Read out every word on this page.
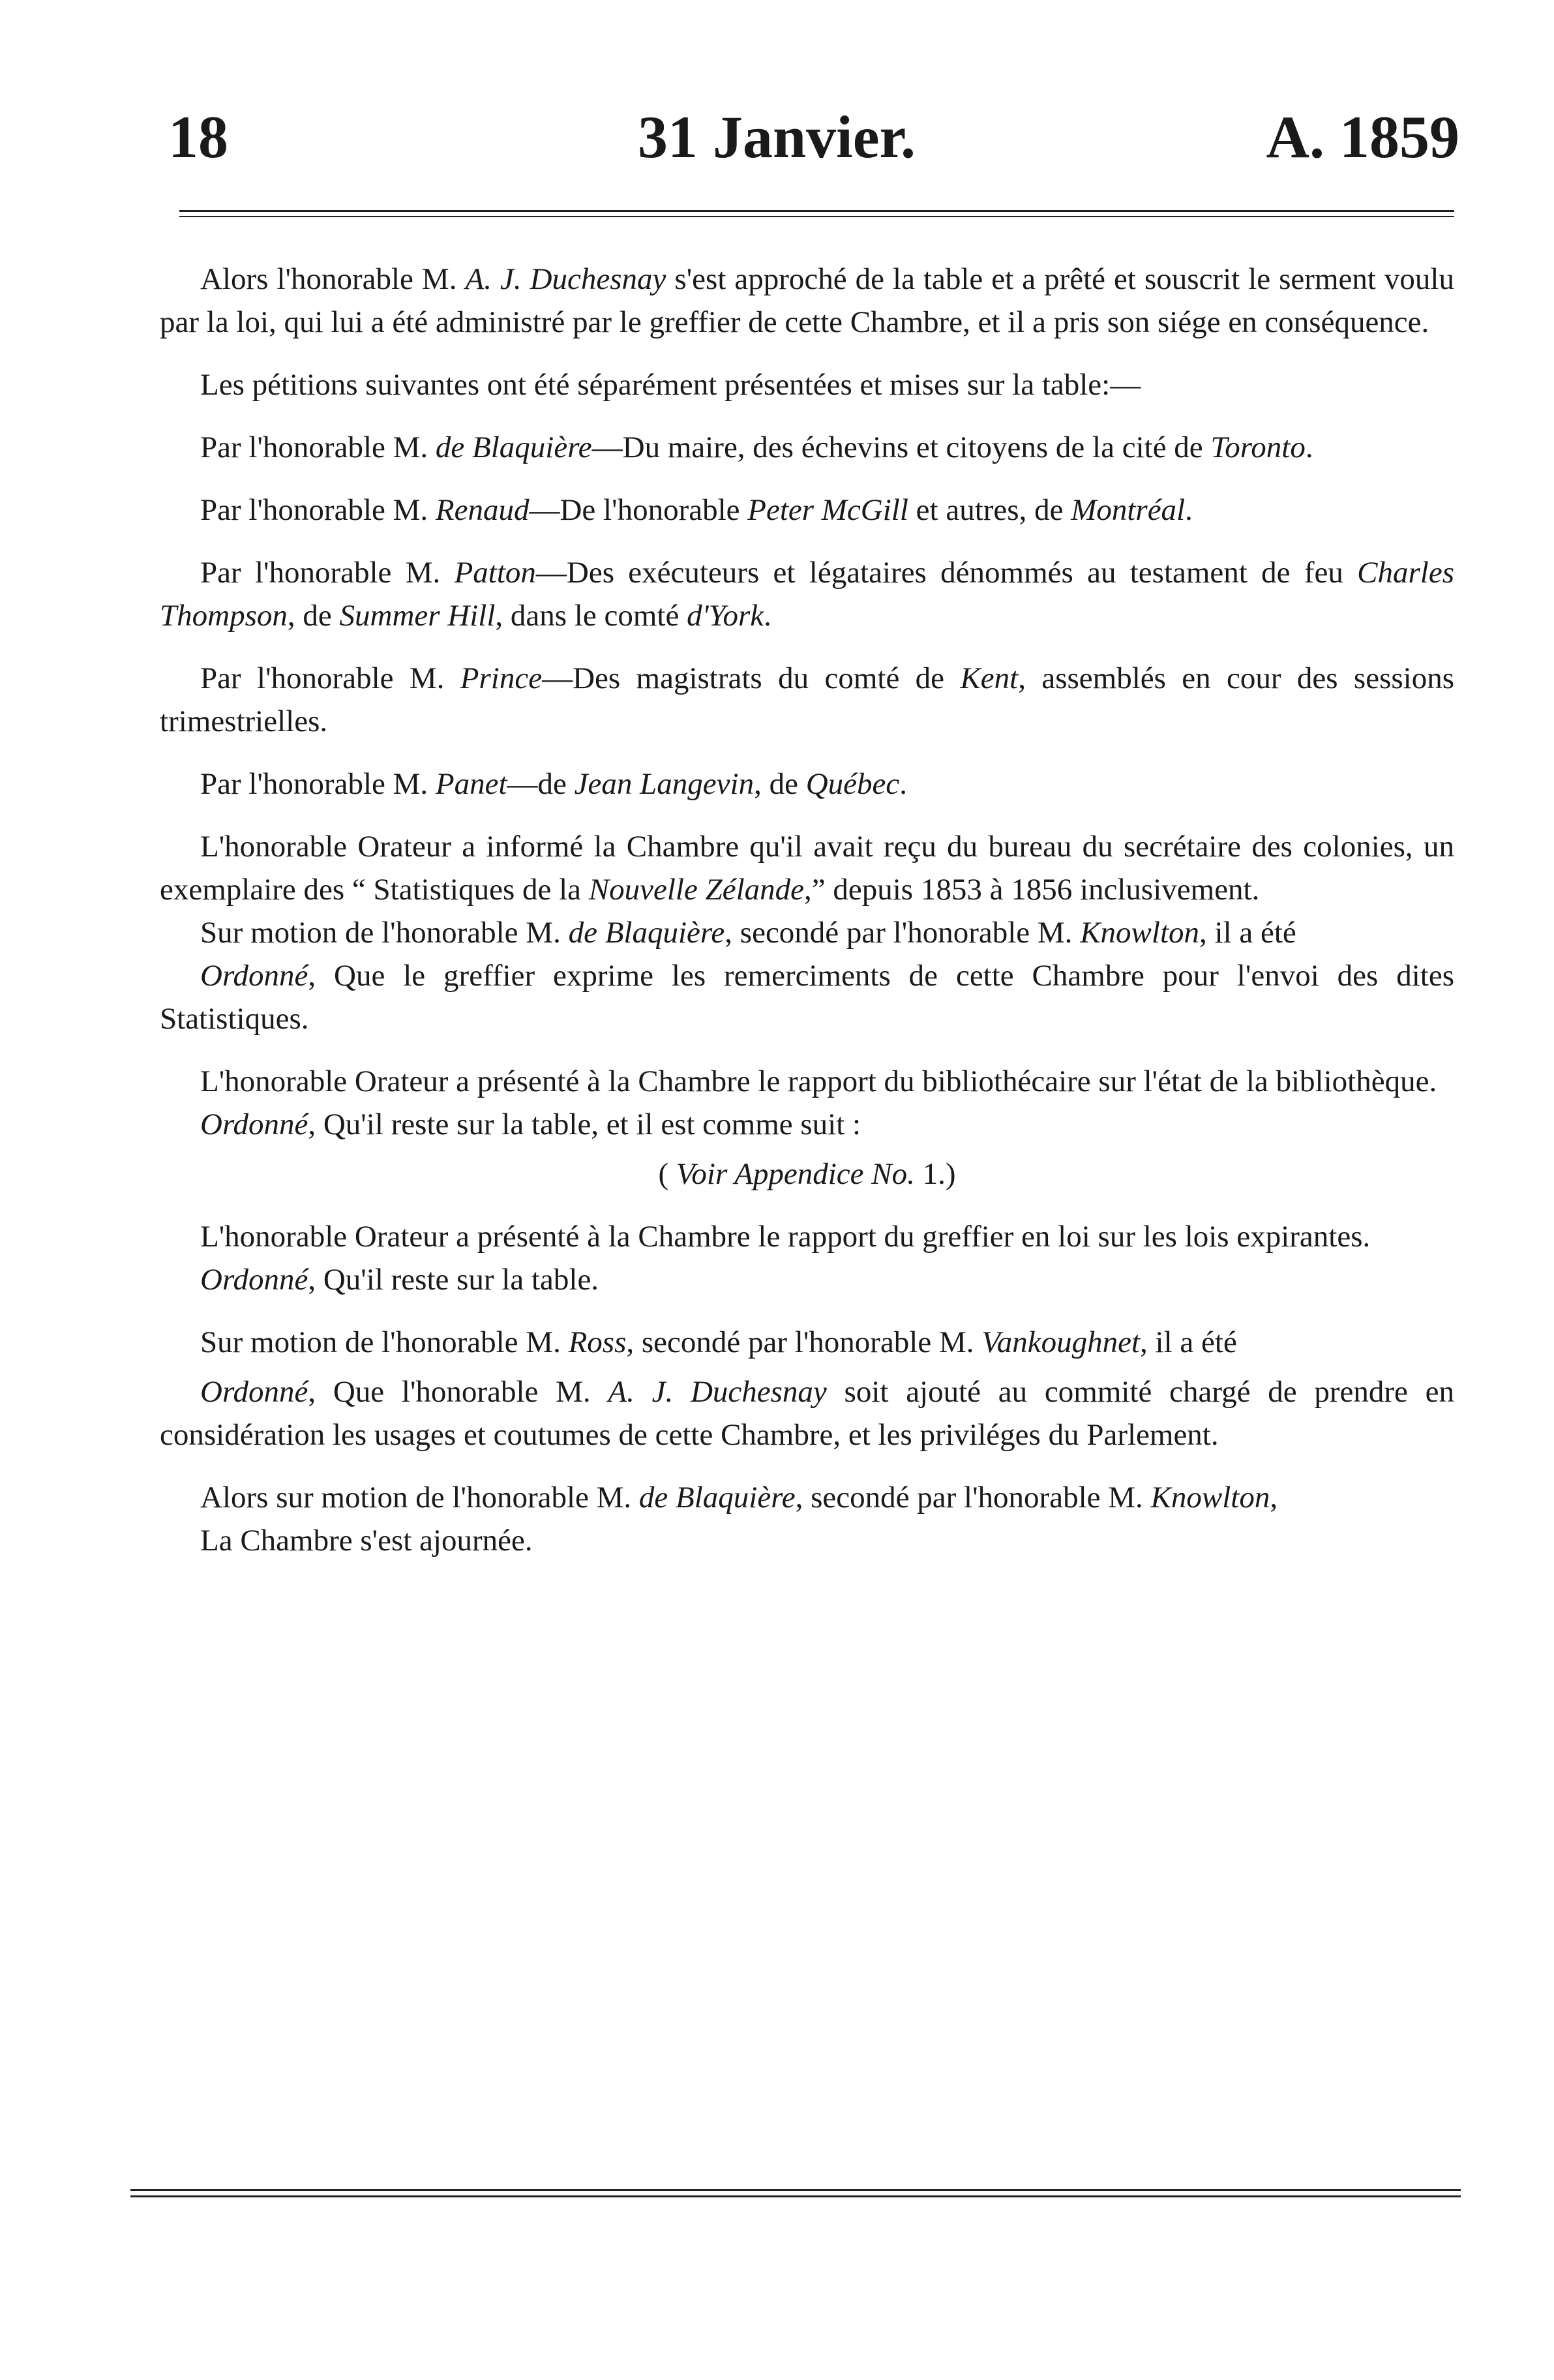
18	31 Janvier.	A. 1859

Alors l'honorable M. A. J. Duchesnay s'est approché de la table et a prêté et souscrit le serment voulu par la loi, qui lui a été administré par le greffier de cette Chambre, et il a pris son siége en conséquence.

Les pétitions suivantes ont été séparément présentées et mises sur la table:—

Par l'honorable M. de Blaquière—Du maire, des échevins et citoyens de la cité de Toronto.

Par l'honorable M. Renaud—De l'honorable Peter McGill et autres, de Montréal.

Par l'honorable M. Patton—Des exécuteurs et légataires dénommés au testament de feu Charles Thompson, de Summer Hill, dans le comté d'York.

Par l'honorable M. Prince—Des magistrats du comté de Kent, assemblés en cour des sessions trimestrielles.

Par l'honorable M. Panet—de Jean Langevin, de Québec.

L'honorable Orateur a informé la Chambre qu'il avait reçu du bureau du secrétaire des colonies, un exemplaire des “ Statistiques de la Nouvelle Zélande,” depuis 1853 à 1856 inclusivement.

Sur motion de l'honorable M. de Blaquière, secondé par l'honorable M. Knowlton, il a été

Ordonné, Que le greffier exprime les remerciments de cette Chambre pour l'envoi des dites Statistiques.

L'honorable Orateur a présenté à la Chambre le rapport du bibliothécaire sur l'état de la bibliothèque.

Ordonné, Qu'il reste sur la table, et il est comme suit :

( Voir Appendice No. 1.)

L'honorable Orateur a présenté à la Chambre le rapport du greffier en loi sur les lois expirantes.

Ordonné, Qu'il reste sur la table.

Sur motion de l'honorable M. Ross, secondé par l'honorable M. Vankoughnet, il a été

Ordonné, Que l'honorable M. A. J. Duchesnay soit ajouté au commité chargé de prendre en considération les usages et coutumes de cette Chambre, et les priviléges du Parlement.

Alors sur motion de l'honorable M. de Blaquière, secondé par l'honorable M. Knowlton,

La Chambre s'est ajournée.
